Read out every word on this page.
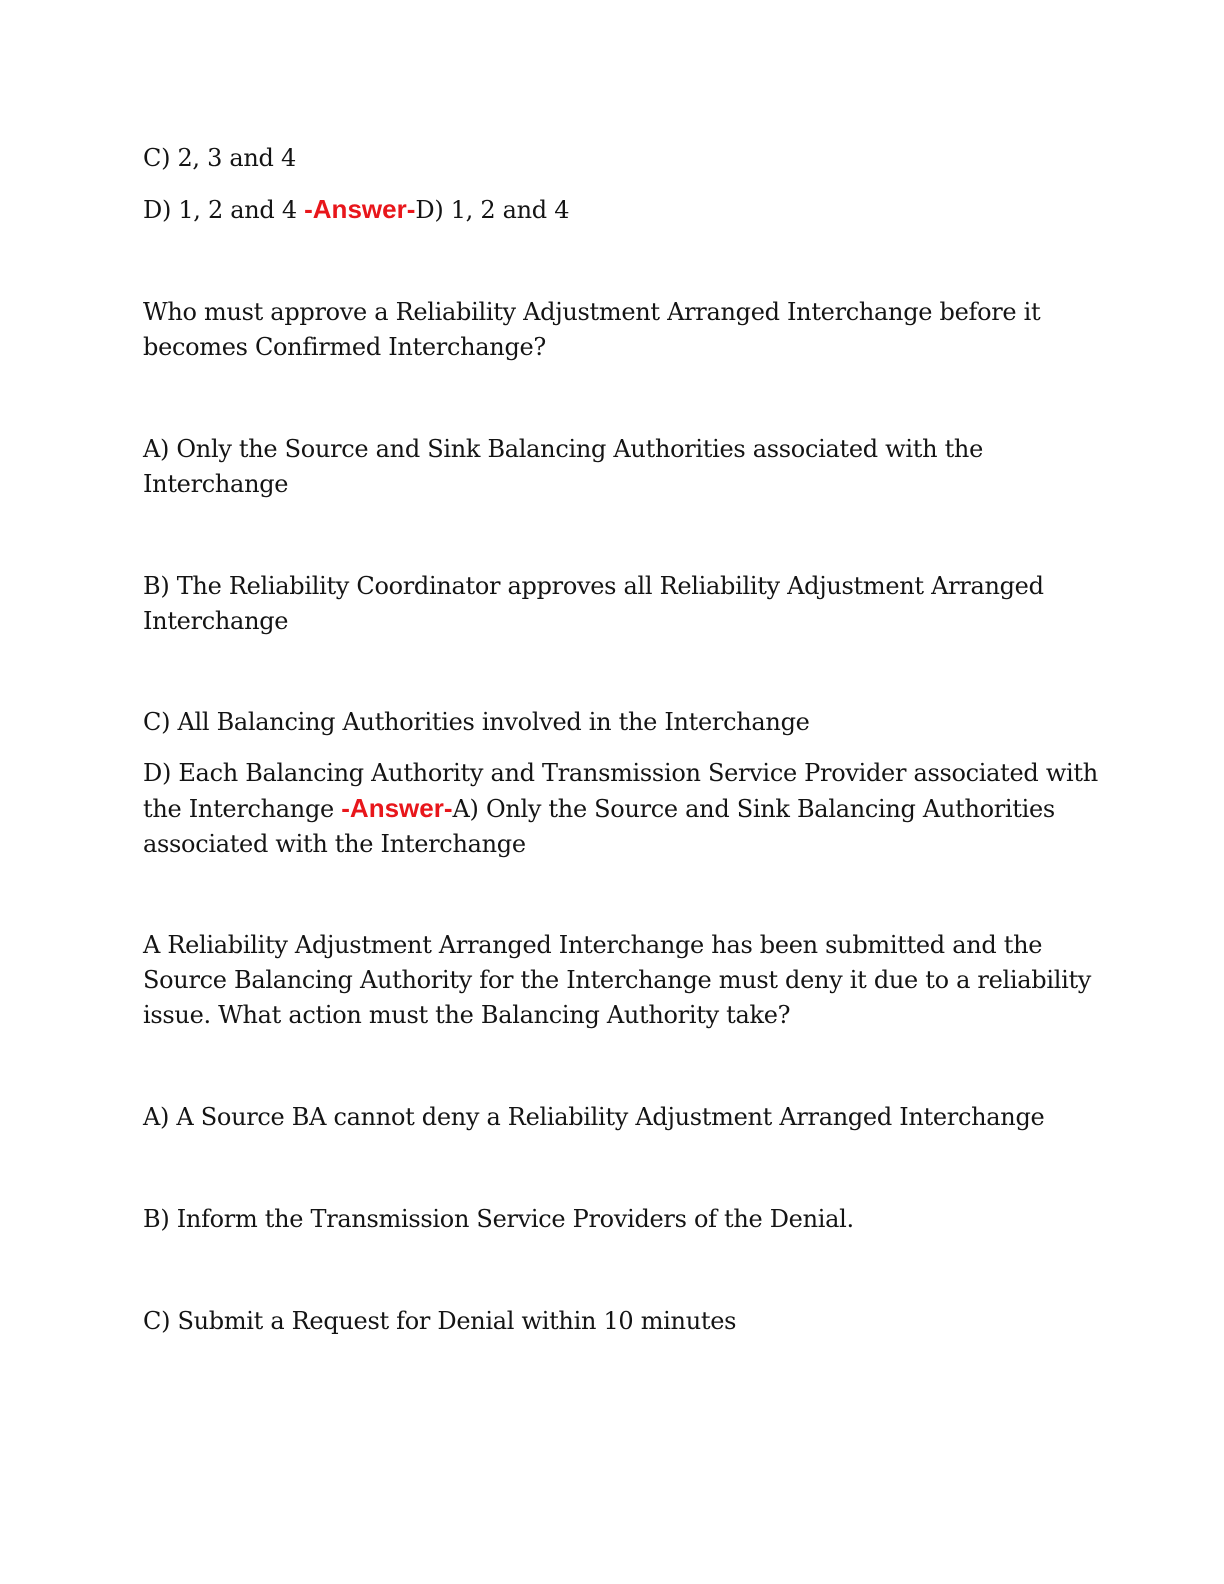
C) 2, 3 and 4

D) 1, 2 and 4 -Answer-D) 1, 2 and 4

Who must approve a Reliability Adjustment Arranged Interchange before it becomes Confirmed Interchange?

A) Only the Source and Sink Balancing Authorities associated with the Interchange

B) The Reliability Coordinator approves all Reliability Adjustment Arranged Interchange

C) All Balancing Authorities involved in the Interchange

D) Each Balancing Authority and Transmission Service Provider associated with the Interchange -Answer-A) Only the Source and Sink Balancing Authorities associated with the Interchange

A Reliability Adjustment Arranged Interchange has been submitted and the Source Balancing Authority for the Interchange must deny it due to a reliability issue. What action must the Balancing Authority take?

A) A Source BA cannot deny a Reliability Adjustment Arranged Interchange

B) Inform the Transmission Service Providers of the Denial.

C) Submit a Request for Denial within 10 minutes
